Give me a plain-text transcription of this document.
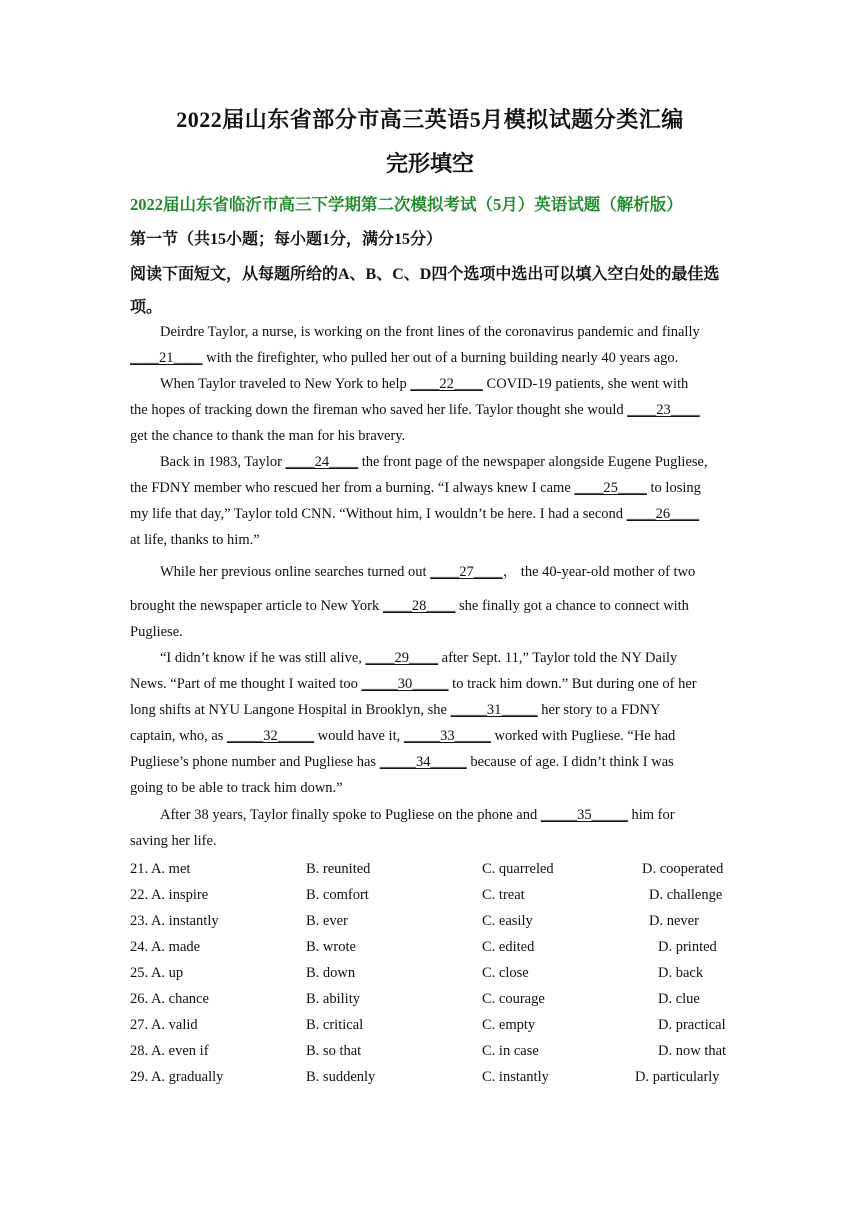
2022届山东省部分市高三英语5月模拟试题分类汇编
完形填空
2022届山东省临沂市高三下学期第二次模拟考试（5月）英语试题（解析版）
第一节（共15小题；每小题1分，满分15分）
阅读下面短文，从每题所给的A、B、C、D四个选项中选出可以填入空白处的最佳选项。
Deirdre Taylor, a nurse, is working on the front lines of the coronavirus pandemic and finally
____21____ with the firefighter, who pulled her out of a burning building nearly 40 years ago.
When Taylor traveled to New York to help ____22____ COVID-19 patients, she went with
the hopes of tracking down the fireman who saved her life. Taylor thought she would ____23____
get the chance to thank the man for his bravery.
Back in 1983, Taylor ____24____ the front page of the newspaper alongside Eugene Pugliese,
the FDNY member who rescued her from a burning. “I always knew I came ____25____ to losing
my life that day,” Taylor told CNN. “Without him, I wouldn’t be here. I had a second ____26____
at life, thanks to him.”
While her previous online searches turned out ____27____， the 40-year-old mother of two
brought the newspaper article to New York ____28____ she finally got a chance to connect with
Pugliese.
“I didn’t know if he was still alive, ____29____ after Sept. 11,” Taylor told the NY Daily
News. “Part of me thought I waited too _____30_____ to track him down.” But during one of her
long shifts at NYU Langone Hospital in Brooklyn, she _____31_____ her story to a FDNY
captain, who, as _____32_____ would have it, _____33_____ worked with Pugliese. “He had
Pugliese’s phone number and Pugliese has _____34_____ because of age. I didn’t think I was
going to be able to track him down.”
After 38 years, Taylor finally spoke to Pugliese on the phone and _____35_____ him for
saving her life.
21. A. met	B. reunited	C. quarreled	D. cooperated
22. A. inspire	B. comfort	C. treat	D. challenge
23. A. instantly	B. ever	C. easily	D. never
24. A. made	B. wrote	C. edited	D. printed
25. A. up	B. down	C. close	D. back
26. A. chance	B. ability	C. courage	D. clue
27. A. valid	B. critical	C. empty	D. practical
28. A. even if	B. so that	C. in case	D. now that
29. A. gradually	B. suddenly	C. instantly	D. particularly
